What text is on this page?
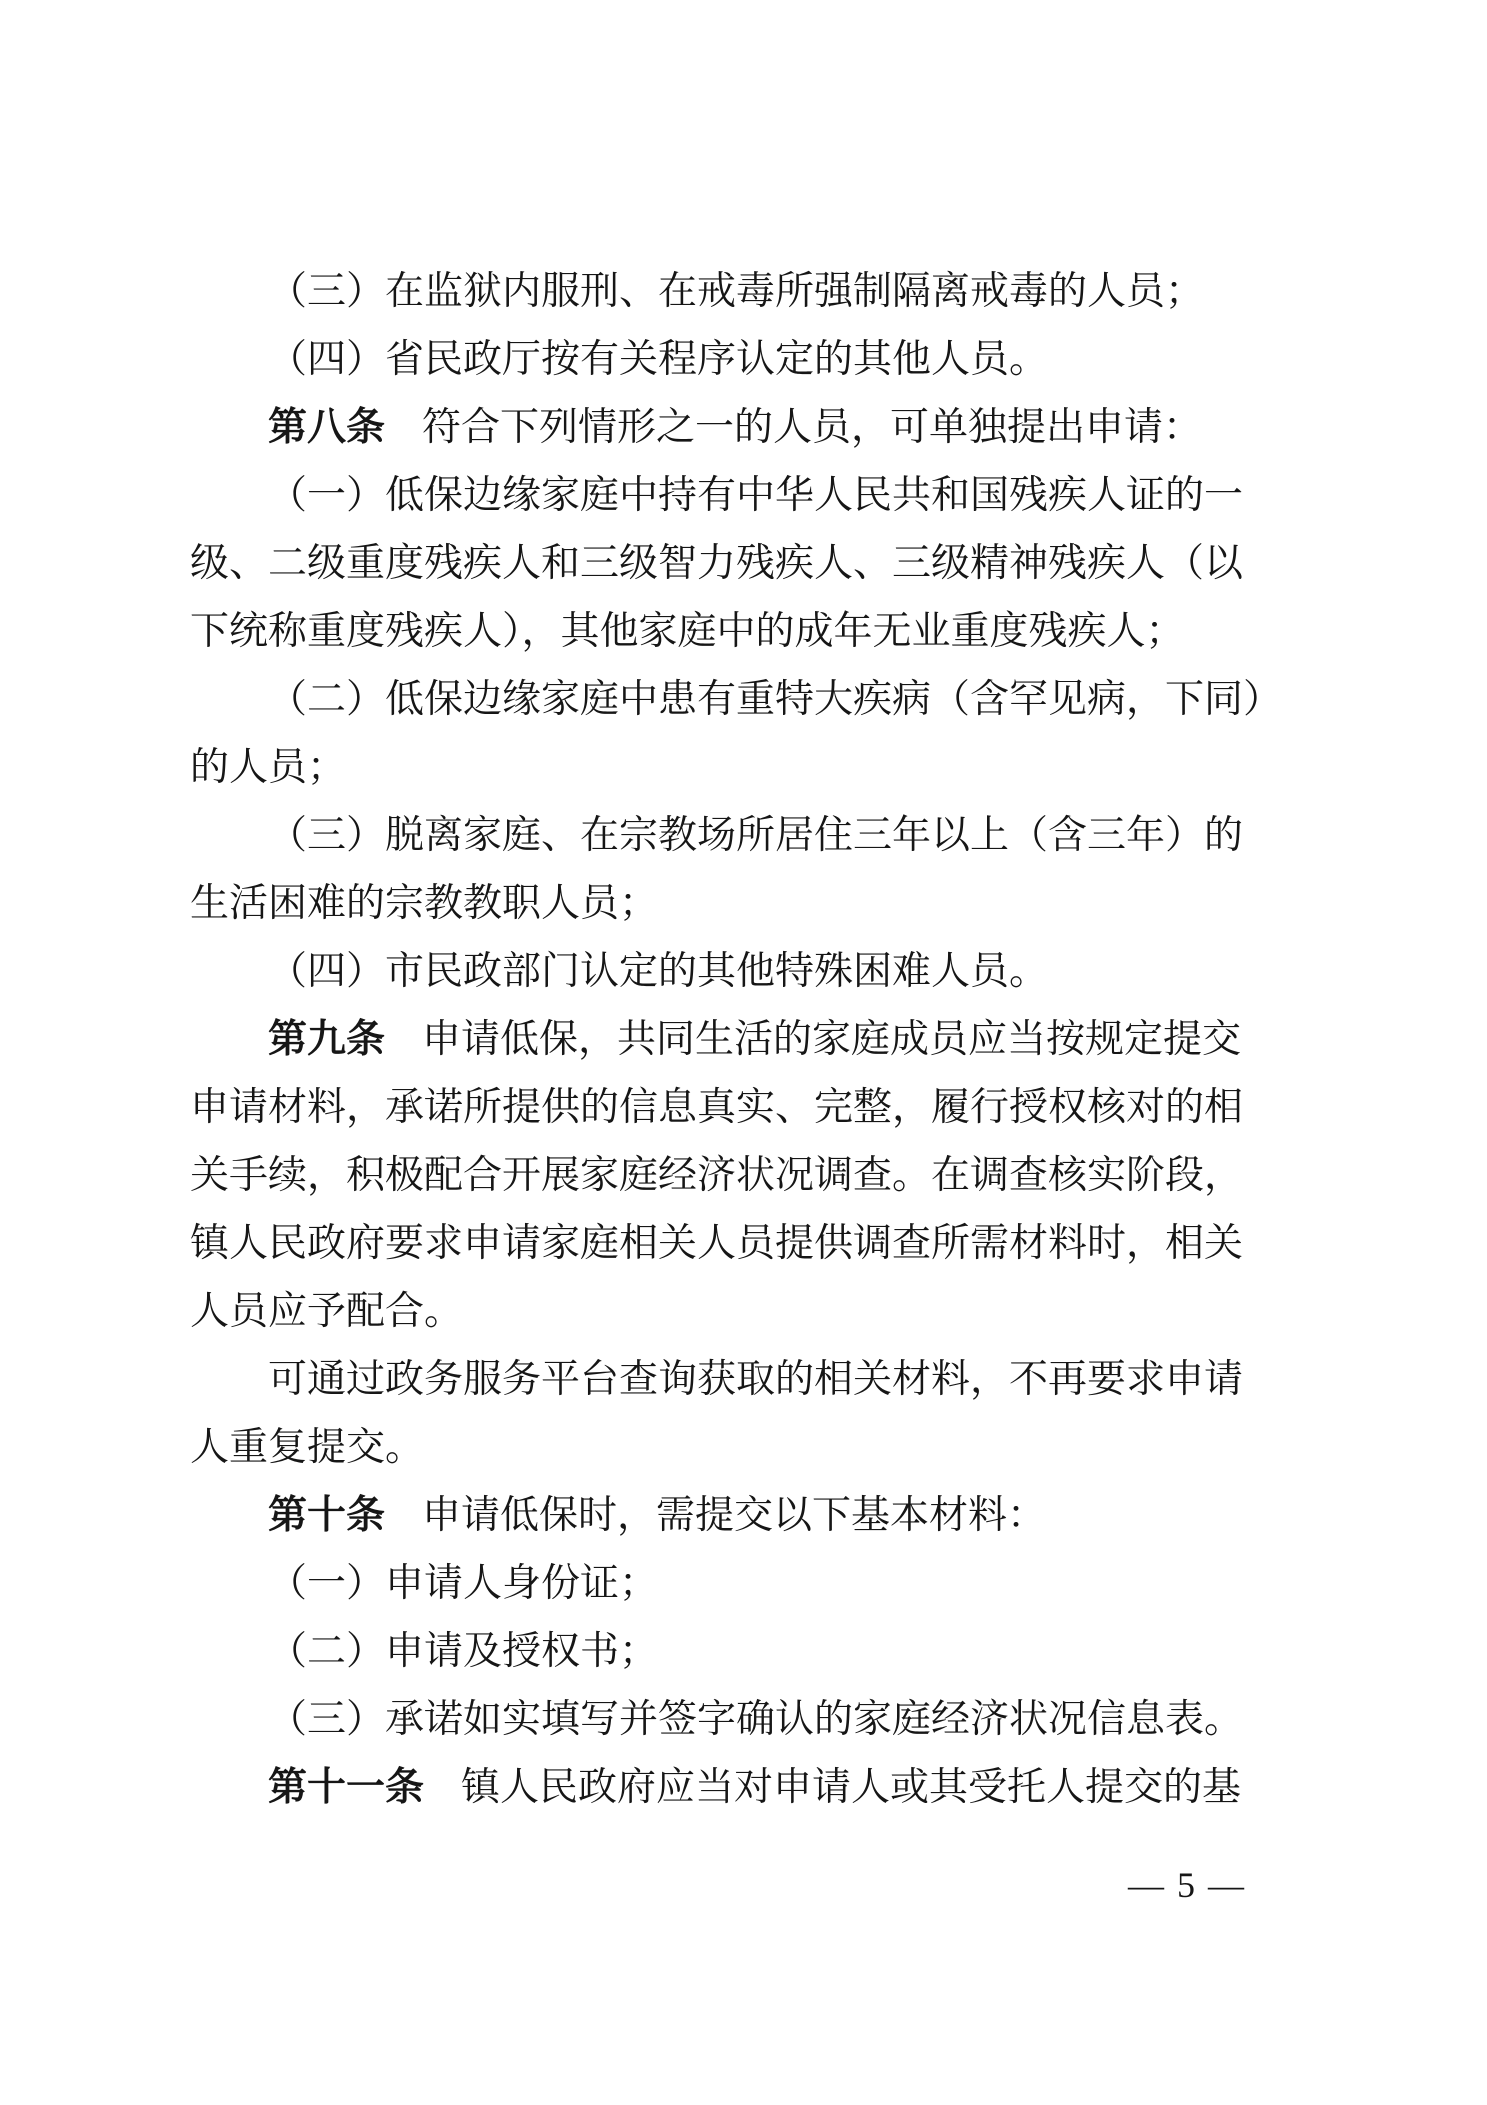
（三）在监狱内服刑、在戒毒所强制隔离戒毒的人员；
（四）省民政厅按有关程序认定的其他人员。
第八条 符合下列情形之一的人员，可单独提出申请：
（一）低保边缘家庭中持有中华人民共和国残疾人证的一
级、二级重度残疾人和三级智力残疾人、三级精神残疾人（以
下统称重度残疾人），其他家庭中的成年无业重度残疾人；
（二）低保边缘家庭中患有重特大疾病（含罕见病，下同）
的人员；
（三）脱离家庭、在宗教场所居住三年以上（含三年）的
生活困难的宗教教职人员；
（四）市民政部门认定的其他特殊困难人员。
第九条 申请低保，共同生活的家庭成员应当按规定提交
申请材料，承诺所提供的信息真实、完整，履行授权核对的相
关手续，积极配合开展家庭经济状况调查。在调查核实阶段，
镇人民政府要求申请家庭相关人员提供调查所需材料时，相关
人员应予配合。
可通过政务服务平台查询获取的相关材料，不再要求申请
人重复提交。
第十条 申请低保时，需提交以下基本材料：
（一）申请人身份证；
（二）申请及授权书；
（三）承诺如实填写并签字确认的家庭经济状况信息表。
第十一条 镇人民政府应当对申请人或其受托人提交的基
— 5 —
